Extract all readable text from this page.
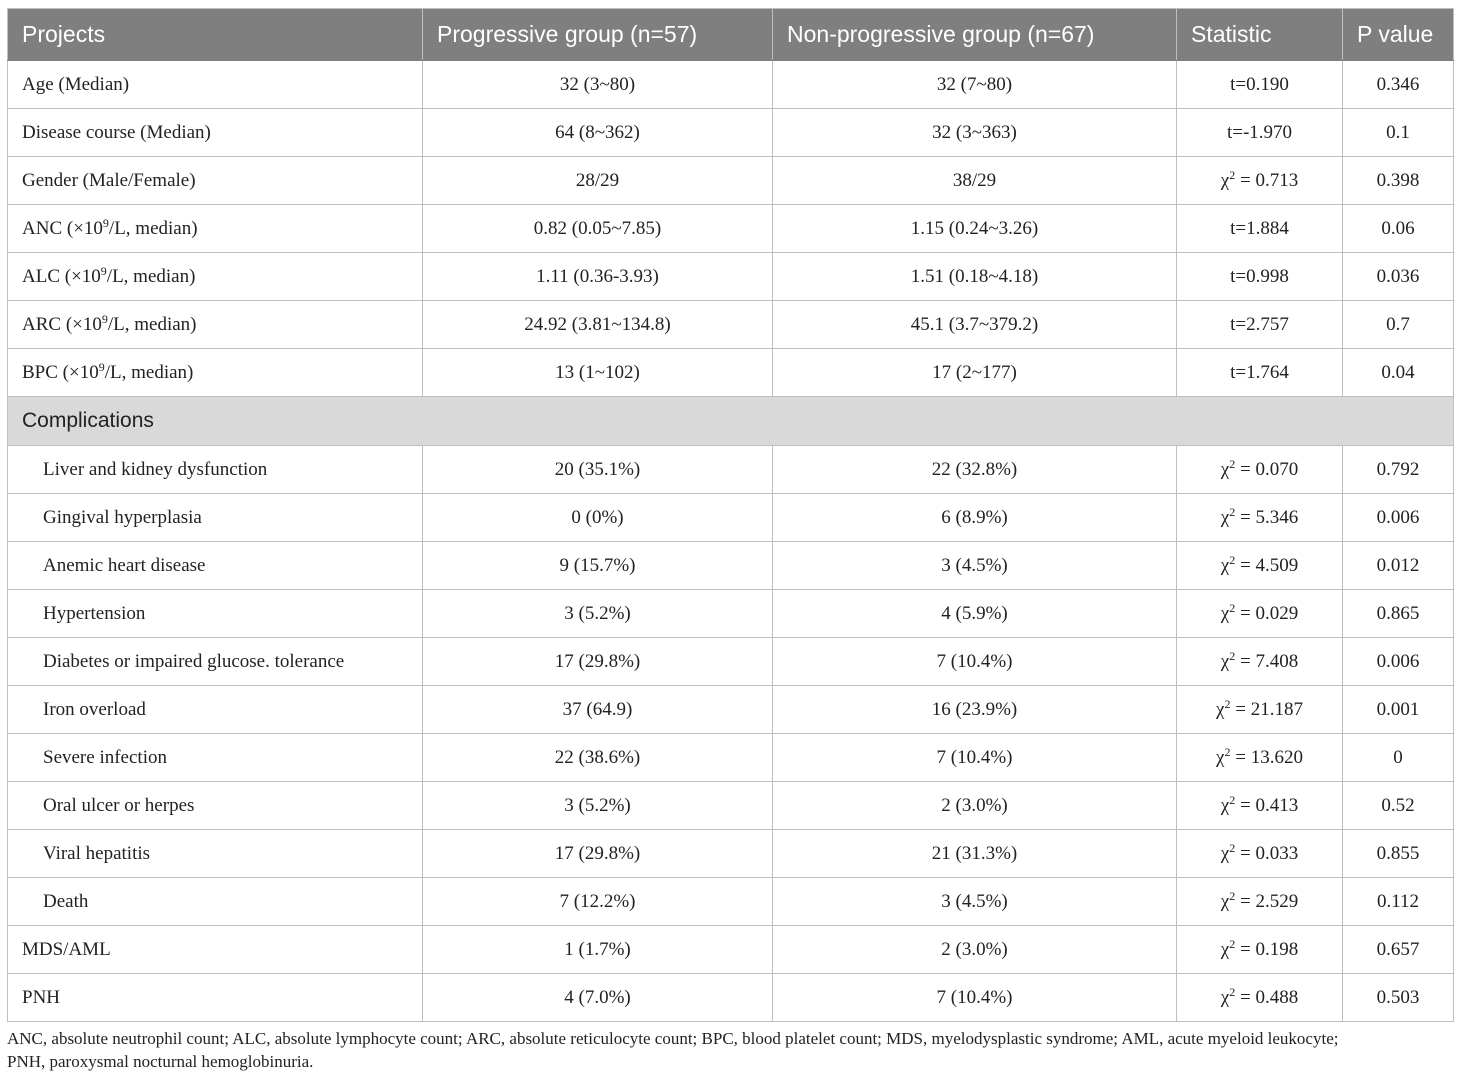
Projects	Progressive group (n=57)	Non-progressive group (n=67)	Statistic	P value
Age (Median)	32 (3~80)	32 (7~80)	t=0.190	0.346
Disease course (Median)	64 (8~362)	32 (3~363)	t=-1.970	0.1
Gender (Male/Female)	28/29	38/29	$\chi^2 = 0.713$	0.398
ANC ($\times 10^9/L$, median)	0.82 (0.05~7.85)	1.15 (0.24~3.26)	t=1.884	0.06
ALC ($\times 10^9/L$, median)	1.11 (0.36-3.93)	1.51 (0.18~4.18)	t=0.998	0.036
ARC ($\times 10^9/L$, median)	24.92 (3.81~134.8)	45.1 (3.7~379.2)	t=2.757	0.7
BPC ($\times 10^9/L$, median)	13 (1~102)	17 (2~177)	t=1.764	0.04
Complications				
Liver and kidney dysfunction	20 (35.1%)	22 (32.8%)	$\chi^2 = 0.070$	0.792
Gingival hyperplasia	0 (0%)	6 (8.9%)	$\chi^2 = 5.346$	0.006
Anemic heart disease	9 (15.7%)	3 (4.5%)	$\chi^2 = 4.509$	0.012
Hypertension	3 (5.2%)	4 (5.9%)	$\chi^2 = 0.029$	0.865
Diabetes or impaired glucose. tolerance	17 (29.8%)	7 (10.4%)	$\chi^2 = 7.408$	0.006
Iron overload	37 (64.9)	16 (23.9%)	$\chi^2 = 21.187$	0.001
Severe infection	22 (38.6%)	7 (10.4%)	$\chi^2 = 13.620$	0
Oral ulcer or herpes	3 (5.2%)	2 (3.0%)	$\chi^2 = 0.413$	0.52
Viral hepatitis	17 (29.8%)	21 (31.3%)	$\chi^2 = 0.033$	0.855
Death	7 (12.2%)	3 (4.5%)	$\chi^2 = 2.529$	0.112
MDS/AML	1 (1.7%)	2 (3.0%)	$\chi^2 = 0.198$	0.657
PNH	4 (7.0%)	7 (10.4%)	$\chi^2 = 0.488$	0.503
ANC, absolute neutrophil count; ALC, absolute lymphocyte count; ARC, absolute reticulocyte count; BPC, blood platelet count; MDS, myelodysplastic syndrome; AML, acute myeloid leukocyte;
PNH, paroxysmal nocturnal hemoglobinuria.
